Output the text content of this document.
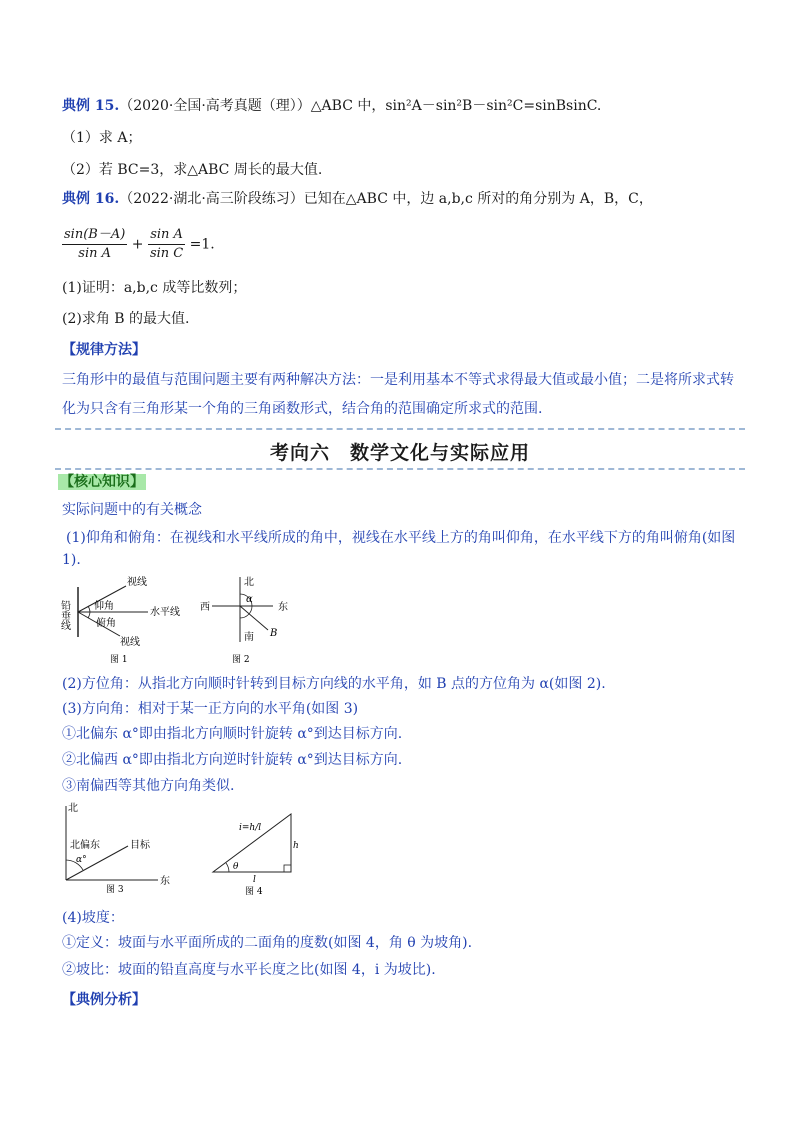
典例 15.（2020·全国·高考真题（理））△ABC 中，sin²A－sin²B－sin²C=sinBsinC.
（1）求 A；
（2）若 BC=3，求△ABC 周长的最大值.
典例 16.（2022·湖北·高三阶段练习）已知在△ABC 中，边 a,b,c 所对的角分别为 A，B，C，
$\frac{\sin(B-A)}{\text{sin A}} + \frac{\text{sin A}}{\text{sin C}} =1$.
(1)证明：a,b,c 成等比数列；
(2)求角 B 的最大值.
【规律方法】
三角形中的最值与范围问题主要有两种解决方法：一是利用基本不等式求得最大值或最小值；二是将所求式转
化为只含有三角形某一个角的三角函数形式，结合角的范围确定所求式的范围.
考向六　数学文化与实际应用
【核心知识】
实际问题中的有关概念
(1)仰角和俯角：在视线和水平线所成的角中，视线在水平线上方的角叫仰角，在水平线下方的角叫俯角(如图
1).
铅垂线
视线
仰角
水平线
俯角
视线
图 1
北
西	东
南
α
B
图 2
(2)方位角：从指北方向顺时针转到目标方向线的水平角，如 B 点的方位角为 α(如图 2).
(3)方向角：相对于某一正方向的水平角(如图 3)
①北偏东 α°即由指北方向顺时针旋转 α°到达目标方向.
②北偏西 α°即由指北方向逆时针旋转 α°到达目标方向.
③南偏西等其他方向角类似.
北
北偏东
α°
目标
东
图 3
i=h/l
h
θ
l
图 4
(4)坡度：
①定义：坡面与水平面所成的二面角的度数(如图 4，角 θ 为坡角).
②坡比：坡面的铅直高度与水平长度之比(如图 4，i 为坡比).
【典例分析】
